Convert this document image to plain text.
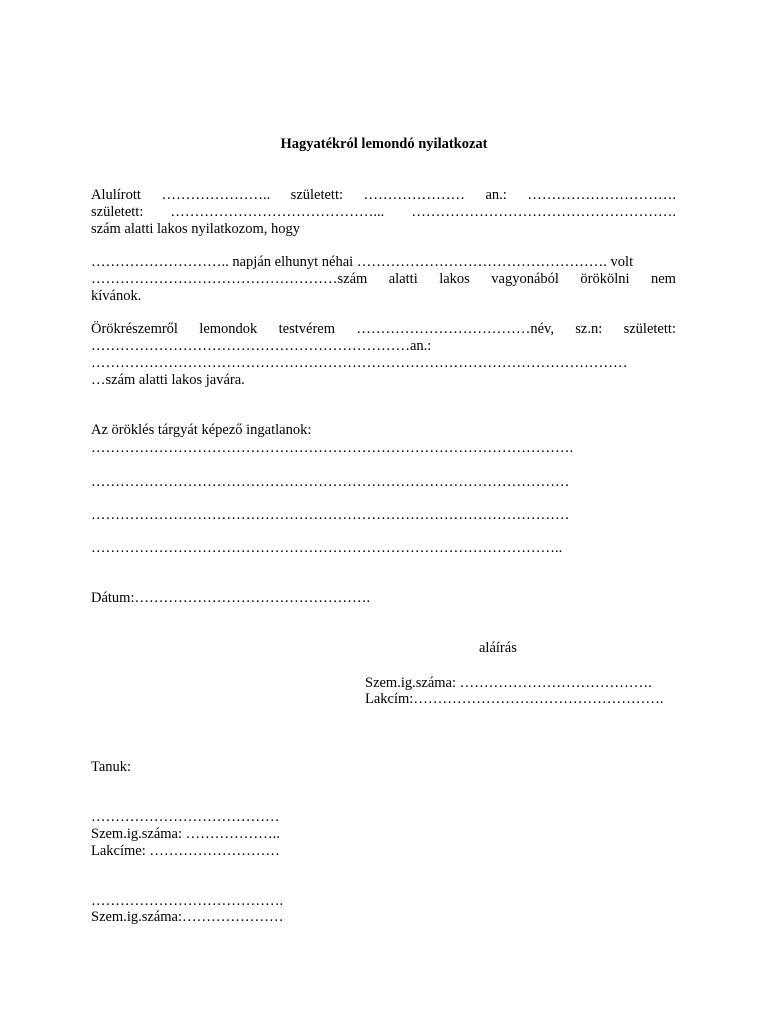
Hagyatékról lemondó nyilatkozat
Alulírott ………………….. született: ………………… an.: ………………………….
született: ……………………………………... ……………………………………………….
szám alatti lakos nyilatkozom, hogy
……………………….. napján elhunyt néhai ……………………………………………. volt
……………………………………………szám alatti lakos vagyonából örökölni nem
kívánok.
Örökrészemről lemondok testvérem ………………………………név, sz.n: született:
…………………………………………………………an.:
…………………………………………………………………………………………………
…szám alatti lakos javára.
Az öröklés tárgyát képező ingatlanok:
……………………………………………………………………………………….
………………………………………………………………………………………
………………………………………………………………………………………
……………………………………………………………………………………..
Dátum:………………………………………….
aláírás
Szem.ig.száma: ………………………………….
Lakcím:…………………………………………….
Tanuk:
…………………………………
Szem.ig.száma: ………………..
Lakcíme: ………………………
………………………………….
Szem.ig.száma:…………………
